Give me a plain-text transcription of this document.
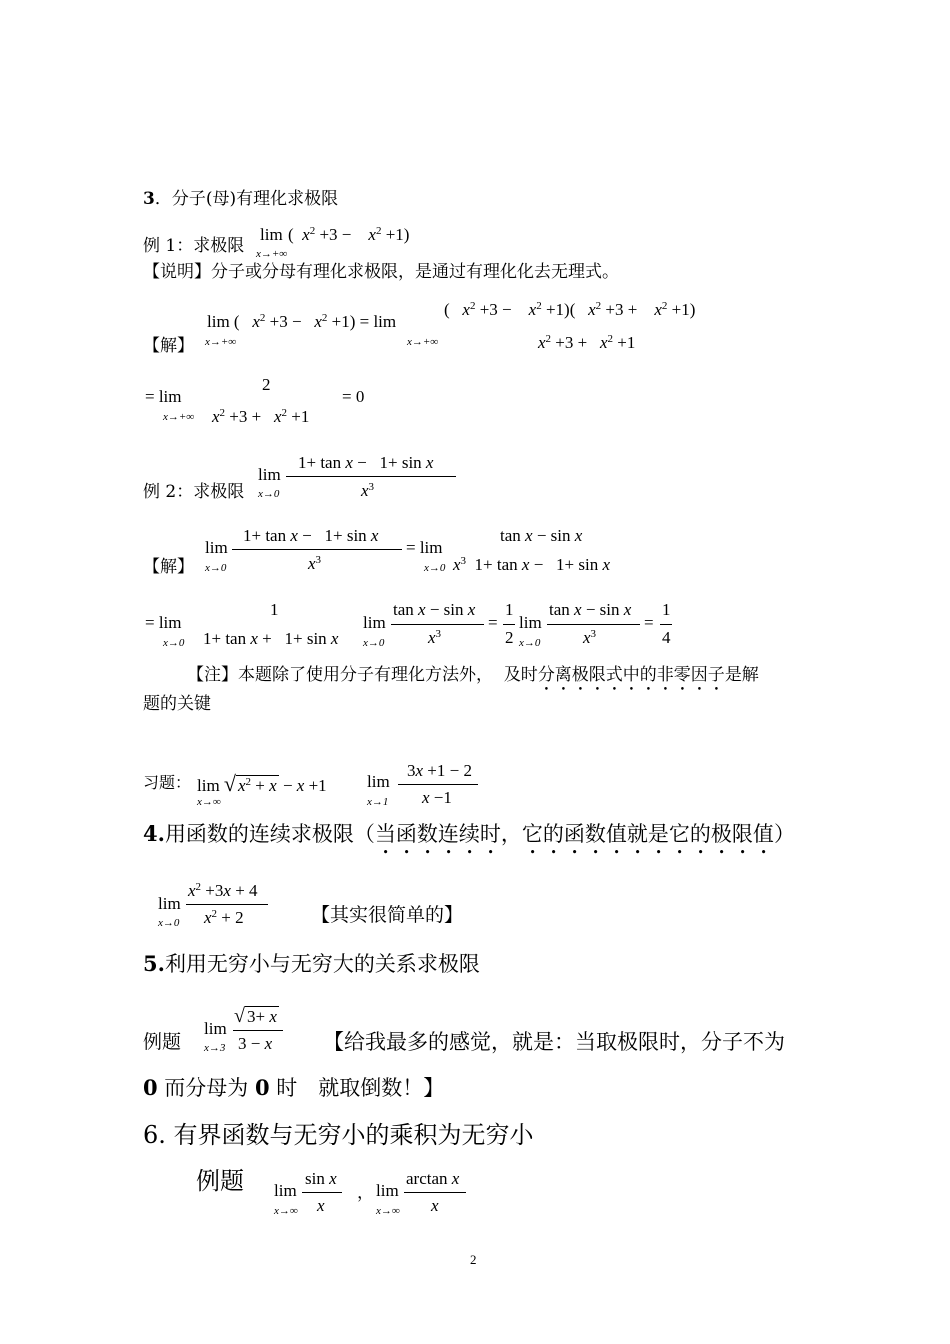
3．分子(母)有理化求极限
例 1：求极限
lim
x→+∞
(  $x^2 +3$ −    $x^2 +1$)
【说明】分子或分母有理化求极限，是通过有理化化去无理式。
【解】
lim (   $x^2 +3 - x^2 +1) = \lim$
x→+∞	x→+∞
(   $x^2 +3$ −    $x^2 +1$)(   $x^2 +3$ +    $x^2 +1$)
$x^2 +3 + x^2 +1$
= lim
x→+∞
2
$x^2 +3 + x^2 +1$
= 0
例 2：求极限
lim
x→0
1+ tan x −   1+ sin x
$x^3$
【解】
lim
x→0
1+ tan x −   1+ sin x
$x^3$
= lim
x→0
tan x − sin x
$x^3$  1+ tan x −   1+ sin x
= lim
x→0
1
1+ tan x +   1+ sin x
lim
x→0
tan x − sin x
$x^3$
=
1
2
lim
x→0
tan x − sin x
$x^3$
=
1
4
【注】本题除了使用分子有理化方法外， 及时分离极限式中的非零因子是解
题的关键
习题： lim √ $x^2 + x - x +1$
x→∞
lim
x→1
3x +1 − 2
x −1
4.用函数的连续求极限（当函数连续时，它的函数值就是它的极限值）
lim
x→0
$x^2 +3x + 4$
$x^2 + 2$	【其实很简单的】
5.利用无穷小与无穷大的关系求极限
例题
lim
x→3
√ 3+ x
3 − x 【给我最多的感觉，就是：当取极限时，分子不为
0 而分母为 0 时　就取倒数！】
6. 有界函数与无穷小的乘积为无穷小
例题 lim
x→∞
sin x
x
， lim
x→∞
arctan x
x
2
